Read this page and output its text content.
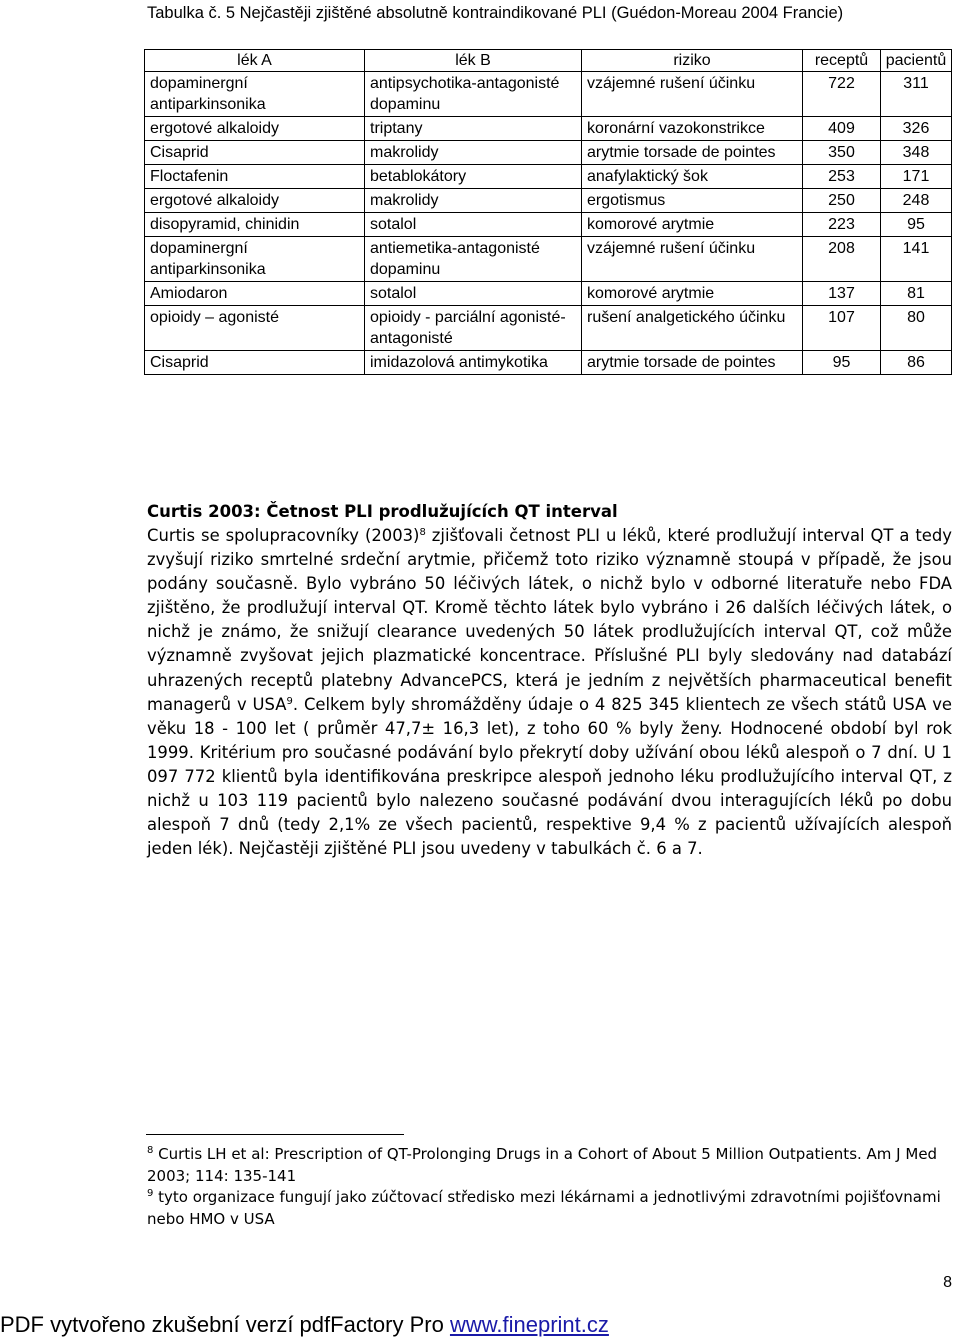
Tabulka č. 5 Nejčastěji zjištěné absolutně kontraindikované PLI (Guédon-Moreau 2004 Francie)
lék A	lék B	riziko	receptů	pacientů
dopaminergní antiparkinsonika	antipsychotika-antagonisté dopaminu	vzájemné rušení účinku	722	311
ergotové alkaloidy	triptany	koronární vazokonstrikce	409	326
Cisaprid	makrolidy	arytmie torsade de pointes	350	348
Floctafenin	betablokátory	anafylaktický šok	253	171
ergotové alkaloidy	makrolidy	ergotismus	250	248
disopyramid, chinidin	sotalol	komorové arytmie	223	95
dopaminergní antiparkinsonika	antiemetika-antagonisté dopaminu	vzájemné rušení účinku	208	141
Amiodaron	sotalol	komorové arytmie	137	81
opioidy – agonisté	opioidy - parciální agonisté-antagonisté	rušení analgetického účinku	107	80
Cisaprid	imidazolová antimykotika	arytmie torsade de pointes	95	86
Curtis 2003: Četnost PLI prodlužujících QT interval

Curtis se spolupracovníky $(2003)^8$ zjišťovali četnost PLI u léků, které prodlužují interval QT a tedy zvyšují riziko smrtelné srdeční arytmie, přičemž toto riziko významně stoupá v případě, že jsou podány současně. Bylo vybráno 50 léčivých látek, o nichž bylo v odborné literatuře nebo FDA zjištěno, že prodlužují interval QT. Kromě těchto látek bylo vybráno i 26 dalších léčivých látek, o nichž je známo, že snižují clearance uvedených 50 látek prodlužujících interval QT, což může významně zvyšovat jejich plazmatické koncentrace. Příslušné PLI byly sledovány nad databází uhrazených receptů platebny AdvancePCS, která je jedním z největších pharmaceutical benefit managerů v USA$^9$. Celkem byly shromážděny údaje o 4 825 345 klientech ze všech států USA ve věku 18 - 100 let ( průměr 47,7± 16,3 let), z toho 60 % byly ženy. Hodnocené období byl rok 1999. Kritérium pro současné podávání bylo překrytí doby užívání obou léků alespoň o 7 dní. U 1 097 772 klientů byla identifikována preskripce alespoň jednoho léku prodlužujícího interval QT, z nichž u 103 119 pacientů bylo nalezeno současné podávání dvou interagujících léků po dobu alespoň 7 dnů (tedy 2,1% ze všech pacientů, respektive 9,4 % z pacientů užívajících alespoň jeden lék). Nejčastěji zjištěné PLI jsou uvedeny v tabulkách č. 6 a 7.

$^8$ Curtis LH et al: Prescription of QT-Prolonging Drugs in a Cohort of About 5 Million Outpatients. Am J Med 2003; 114: 135-141

$^9$ tyto organizace fungují jako zúčtovací středisko mezi lékárnami a jednotlivými zdravotními pojišťovnami nebo HMO v USA

8
PDF vytvořeno zkušební verzí pdfFactory Pro www.fineprint.cz
